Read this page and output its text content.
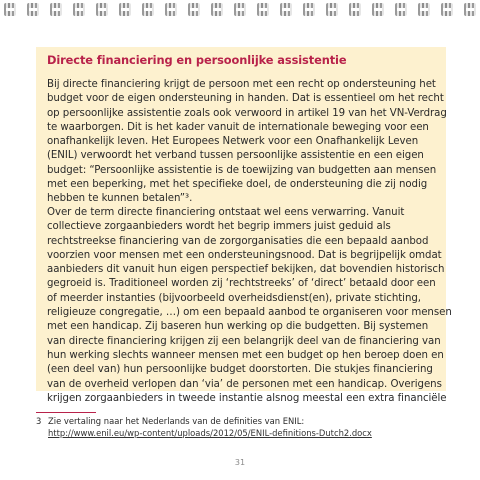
Directe financiering en persoonlijke assistentie
Bij directe financiering krijgt de persoon met een recht op ondersteuning het
budget voor de eigen ondersteuning in handen. Dat is essentieel om het recht
op persoonlijke assistentie zoals ook verwoord in artikel 19 van het VN-Verdrag
te waarborgen. Dit is het kader vanuit de internationale beweging voor een
onafhankelijk leven. Het Europees Netwerk voor een Onafhankelijk Leven
(ENIL) verwoordt het verband tussen persoonlijke assistentie en een eigen
budget: “Persoonlijke assistentie is de toewijzing van budgetten aan mensen
met een beperking, met het specifieke doel, de ondersteuning die zij nodig
hebben te kunnen betalen”³.
Over de term directe financiering ontstaat wel eens verwarring. Vanuit
collectieve zorgaanbieders wordt het begrip immers juist geduid als
rechtstreekse financiering van de zorgorganisaties die een bepaald aanbod
voorzien voor mensen met een ondersteuningsnood. Dat is begrijpelijk omdat
aanbieders dit vanuit hun eigen perspectief bekijken, dat bovendien historisch
gegroeid is. Traditioneel worden zij ‘rechtstreeks’ of ‘direct’ betaald door een
of meerder instanties (bijvoorbeeld overheidsdienst(en), private stichting,
religieuze congregatie, …) om een bepaald aanbod te organiseren voor mensen
met een handicap. Zij baseren hun werking op die budgetten. Bij systemen
van directe financiering krijgen zij een belangrijk deel van de financiering van
hun werking slechts wanneer mensen met een budget op hen beroep doen en
(een deel van) hun persoonlijke budget doorstorten. Die stukjes financiering
van de overheid verlopen dan ‘via’ de personen met een handicap. Overigens
krijgen zorgaanbieders in tweede instantie alsnog meestal een extra financiële
3 Zie vertaling naar het Nederlands van de definities van ENIL:
http://www.enil.eu/wp-content/uploads/2012/05/ENIL-definitions-Dutch2.docx
31
